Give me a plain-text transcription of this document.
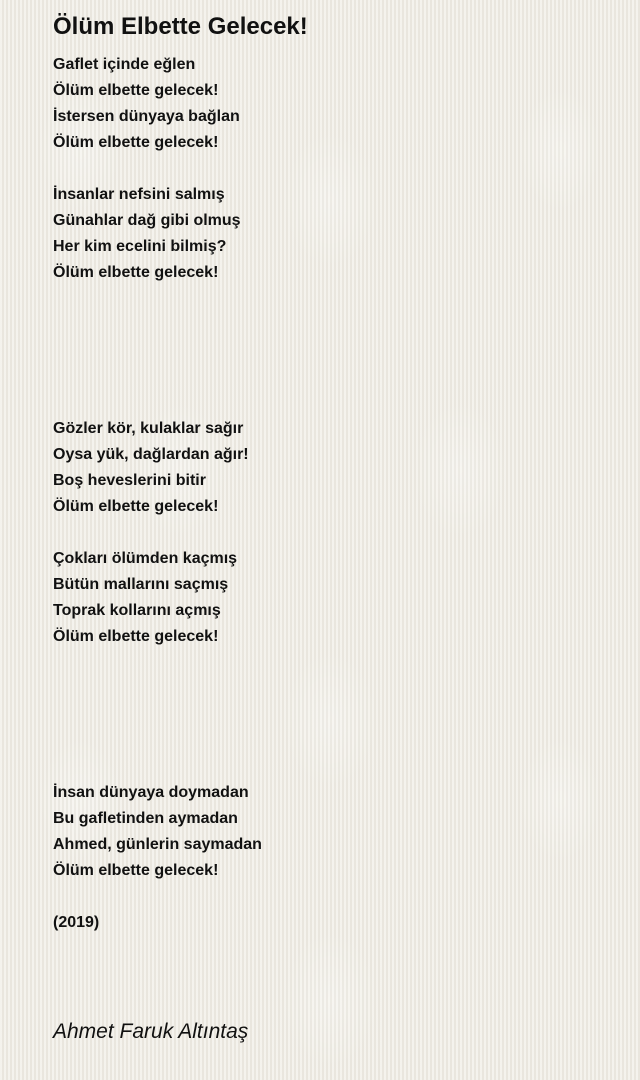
Ölüm Elbette Gelecek!
Gaflet içinde eğlen
Ölüm elbette gelecek!
İstersen dünyaya bağlan
Ölüm elbette gelecek!
İnsanlar nefsini salmış
Günahlar dağ gibi olmuş
Her kim ecelini bilmiş?
Ölüm elbette gelecek!
Gözler kör, kulaklar sağır
Oysa yük, dağlardan ağır!
Boş heveslerini bitir
Ölüm elbette gelecek!
Çokları ölümden kaçmış
Bütün mallarını saçmış
Toprak kollarını açmış
Ölüm elbette gelecek!
İnsan dünyaya doymadan
Bu gafletinden aymadan
Ahmed, günlerin saymadan
Ölüm elbette gelecek!
(2019)
Ahmet Faruk Altıntaş
